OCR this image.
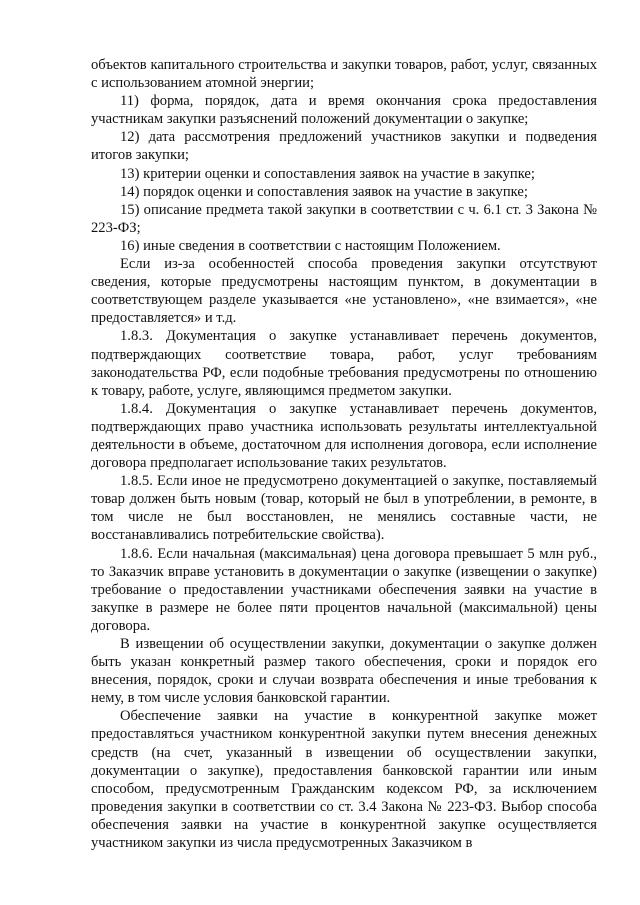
объектов капитального строительства и закупки товаров, работ, услуг, связанных с использованием атомной энергии;

11) форма, порядок, дата и время окончания срока предоставления участникам закупки разъяснений положений документации о закупке;

12) дата рассмотрения предложений участников закупки и подведения итогов закупки;

13) критерии оценки и сопоставления заявок на участие в закупке;

14) порядок оценки и сопоставления заявок на участие в закупке;

15) описание предмета такой закупки в соответствии с ч. 6.1 ст. 3 Закона № 223-ФЗ;

16) иные сведения в соответствии с настоящим Положением.

Если из-за особенностей способа проведения закупки отсутствуют сведения, которые предусмотрены настоящим пунктом, в документации в соответствующем разделе указывается «не установлено», «не взимается», «не предоставляется» и т.д.

1.8.3. Документация о закупке устанавливает перечень документов, подтверждающих соответствие товара, работ, услуг требованиям законодательства РФ, если подобные требования предусмотрены по отношению к товару, работе, услуге, являющимся предметом закупки.

1.8.4. Документация о закупке устанавливает перечень документов, подтверждающих право участника использовать результаты интеллектуальной деятельности в объеме, достаточном для исполнения договора, если исполнение договора предполагает использование таких результатов.

1.8.5. Если иное не предусмотрено документацией о закупке, поставляемый товар должен быть новым (товар, который не был в употреблении, в ремонте, в том числе не был восстановлен, не менялись составные части, не восстанавливались потребительские свойства).

1.8.6. Если начальная (максимальная) цена договора превышает 5 млн руб., то Заказчик вправе установить в документации о закупке (извещении о закупке) требование о предоставлении участниками обеспечения заявки на участие в закупке в размере не более пяти процентов начальной (максимальной) цены договора.

В извещении об осуществлении закупки, документации о закупке должен быть указан конкретный размер такого обеспечения, сроки и порядок его внесения, порядок, сроки и случаи возврата обеспечения и иные требования к нему, в том числе условия банковской гарантии.

Обеспечение заявки на участие в конкурентной закупке может предоставляться участником конкурентной закупки путем внесения денежных средств (на счет, указанный в извещении об осуществлении закупки, документации о закупке), предоставления банковской гарантии или иным способом, предусмотренным Гражданским кодексом РФ, за исключением проведения закупки в соответствии со ст. 3.4 Закона № 223-ФЗ. Выбор способа обеспечения заявки на участие в конкурентной закупке осуществляется участником закупки из числа предусмотренных Заказчиком в
